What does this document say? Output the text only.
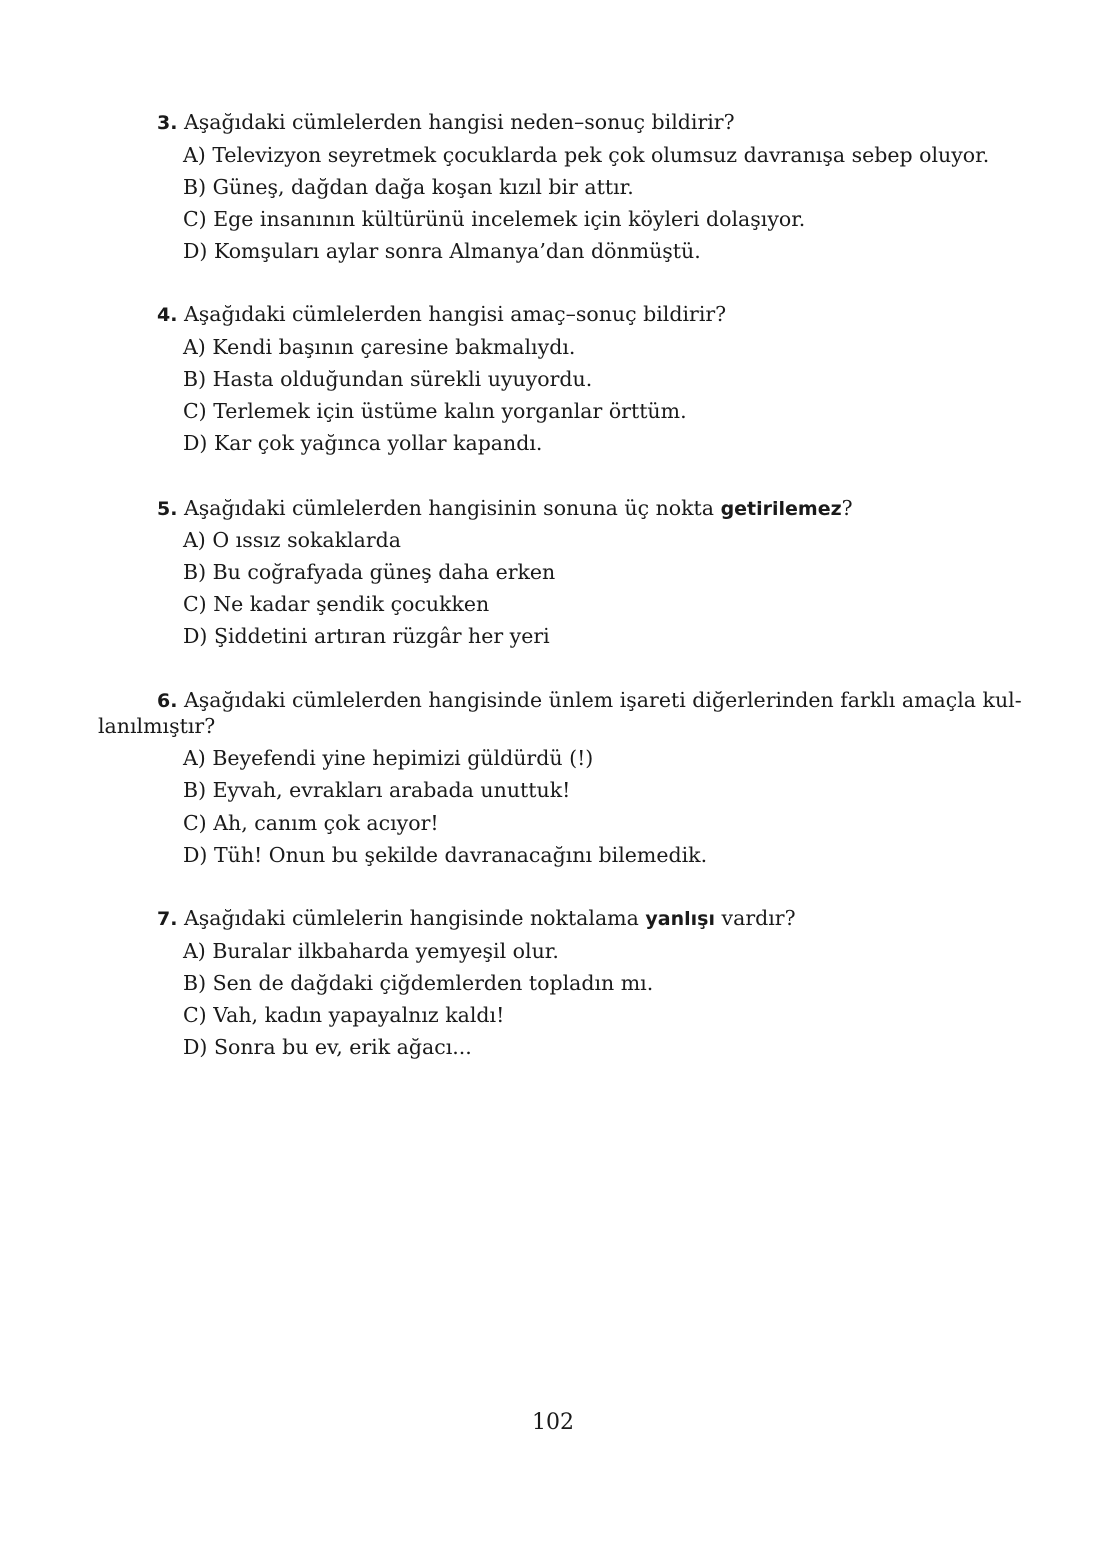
3. Aşağıdaki cümlelerden hangisi neden–sonuç bildirir?
A) Televizyon seyretmek çocuklarda pek çok olumsuz davranışa sebep oluyor.
B) Güneş, dağdan dağa koşan kızıl bir attır.
C) Ege insanının kültürünü incelemek için köyleri dolaşıyor.
D) Komşuları aylar sonra Almanya’dan dönmüştü.
4. Aşağıdaki cümlelerden hangisi amaç–sonuç bildirir?
A) Kendi başının çaresine bakmalıydı.
B) Hasta olduğundan sürekli uyuyordu.
C) Terlemek için üstüme kalın yorganlar örttüm.
D) Kar çok yağınca yollar kapandı.
5. Aşağıdaki cümlelerden hangisinin sonuna üç nokta getirilemez?
A) O ıssız sokaklarda
B) Bu coğrafyada güneş daha erken
C) Ne kadar şendik çocukken
D) Şiddetini artıran rüzgâr her yeri
6. Aşağıdaki cümlelerden hangisinde ünlem işareti diğerlerinden farklı amaçla kul-
lanılmıştır?
A) Beyefendi yine hepimizi güldürdü (!)
B) Eyvah, evrakları arabada unuttuk!
C) Ah, canım çok acıyor!
D) Tüh! Onun bu şekilde davranacağını bilemedik.
7. Aşağıdaki cümlelerin hangisinde noktalama yanlışı vardır?
A) Buralar ilkbaharda yemyeşil olur.
B) Sen de dağdaki çiğdemlerden topladın mı.
C) Vah, kadın yapayalnız kaldı!
D) Sonra bu ev, erik ağacı...
102
